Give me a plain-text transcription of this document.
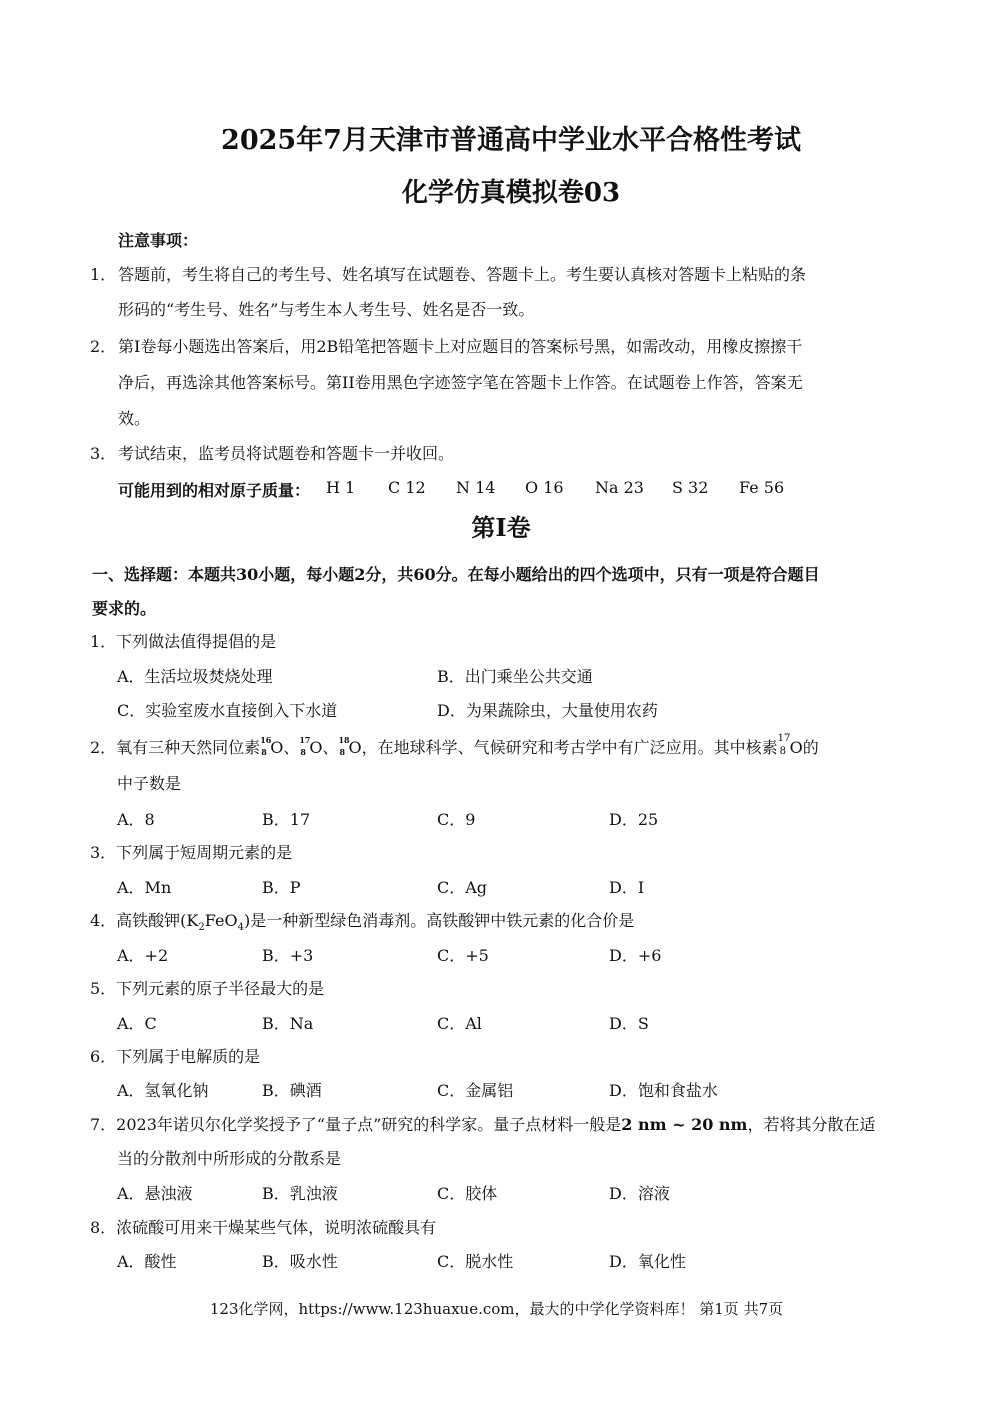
2025年7月天津市普通高中学业水平合格性考试
化学仿真模拟卷03
注意事项：
1． 答题前，考生将自己的考生号、姓名填写在试题卷、答题卡上。考生要认真核对答题卡上粘贴的条
形码的“考生号、姓名”与考生本人考生号、姓名是否一致。
2． 第I卷每小题选出答案后，用2B铅笔把答题卡上对应题目的答案标号黑，如需改动，用橡皮擦擦干
净后，再选涂其他答案标号。第II卷用黑色字迹签字笔在答题卡上作答。在试题卷上作答，答案无
效。
3． 考试结束，监考员将试题卷和答题卡一并收回。
可能用到的相对原子质量： H 1 C 12 N 14 O 16 Na 23 S 32 Fe 56
第Ⅰ卷
一、选择题：本题共30小题，每小题2分，共60分。在每小题给出的四个选项中，只有一项是符合题目
要求的。
1．下列做法值得提倡的是
A．生活垃圾焚烧处理	B．出门乘坐公共交通
C．实验室废水直接倒入下水道	D．为果蔬除虫，大量使用农药
2．氧有三种天然同位素 16
8 O、 17
8 O、 18
8 O，在地球科学、气候研究和考古学中有广泛应用。其中核素 17
8 O的
中子数是
A．8	B．17	C．9	D．25
3．下列属于短周期元素的是
A．Mn	B．P	C．Ag	D．I
4．高铁酸钾$(K_2FeO_4)$是一种新型绿色消毒剂。高铁酸钾中铁元素的化合价是
A．+2	B．+3	C．+5	D．+6
5．下列元素的原子半径最大的是
A．C	B．Na	C．Al	D．S
6．下列属于电解质的是
A．氢氧化钠	B．碘酒	C．金属铝	D．饱和食盐水
7．2023年诺贝尔化学奖授予了“量子点”研究的科学家。量子点材料一般是2 nm ~ 20 nm，若将其分散在适
当的分散剂中所形成的分散系是
A．悬浊液	B．乳浊液	C．胶体	D．溶液
8．浓硫酸可用来干燥某些气体，说明浓硫酸具有
A．酸性	B．吸水性	C．脱水性	D．氧化性
123化学网，https://www.123huaxue.com，最大的中学化学资料库！ 第1页 共7页
